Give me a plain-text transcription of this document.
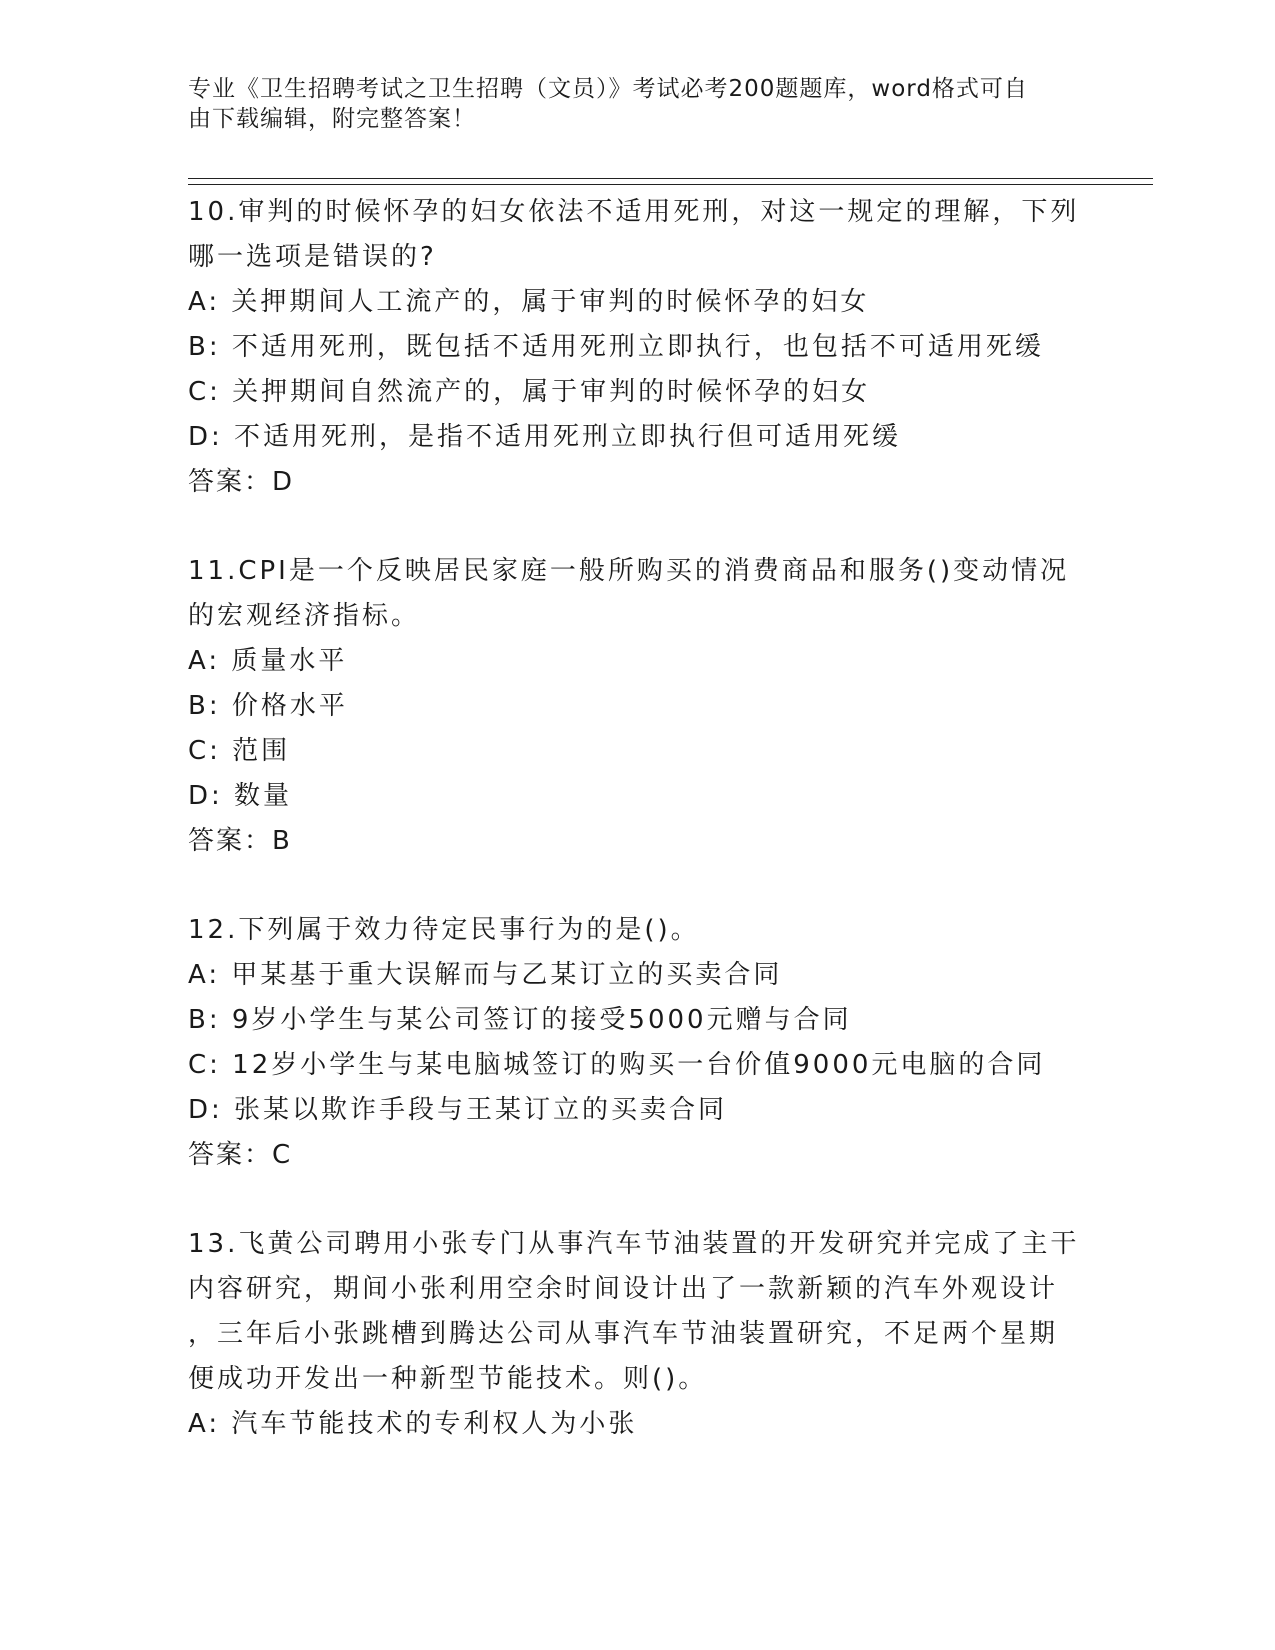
专业《卫生招聘考试之卫生招聘（文员）》考试必考200题题库，word格式可自
由下载编辑，附完整答案！
10.审判的时候怀孕的妇女依法不适用死刑，对这一规定的理解，下列
哪一选项是错误的?
A: 关押期间人工流产的，属于审判的时候怀孕的妇女
B: 不适用死刑，既包括不适用死刑立即执行，也包括不可适用死缓
C: 关押期间自然流产的，属于审判的时候怀孕的妇女
D: 不适用死刑，是指不适用死刑立即执行但可适用死缓
答案：D
11.CPI是一个反映居民家庭一般所购买的消费商品和服务()变动情况
的宏观经济指标。
A: 质量水平
B: 价格水平
C: 范围
D: 数量
答案：B
12.下列属于效力待定民事行为的是()。
A: 甲某基于重大误解而与乙某订立的买卖合同
B: 9岁小学生与某公司签订的接受5000元赠与合同
C: 12岁小学生与某电脑城签订的购买一台价值9000元电脑的合同
D: 张某以欺诈手段与王某订立的买卖合同
答案：C
13.飞黄公司聘用小张专门从事汽车节油装置的开发研究并完成了主干
内容研究，期间小张利用空余时间设计出了一款新颖的汽车外观设计
，三年后小张跳槽到腾达公司从事汽车节油装置研究，不足两个星期
便成功开发出一种新型节能技术。则()。
A: 汽车节能技术的专利权人为小张
